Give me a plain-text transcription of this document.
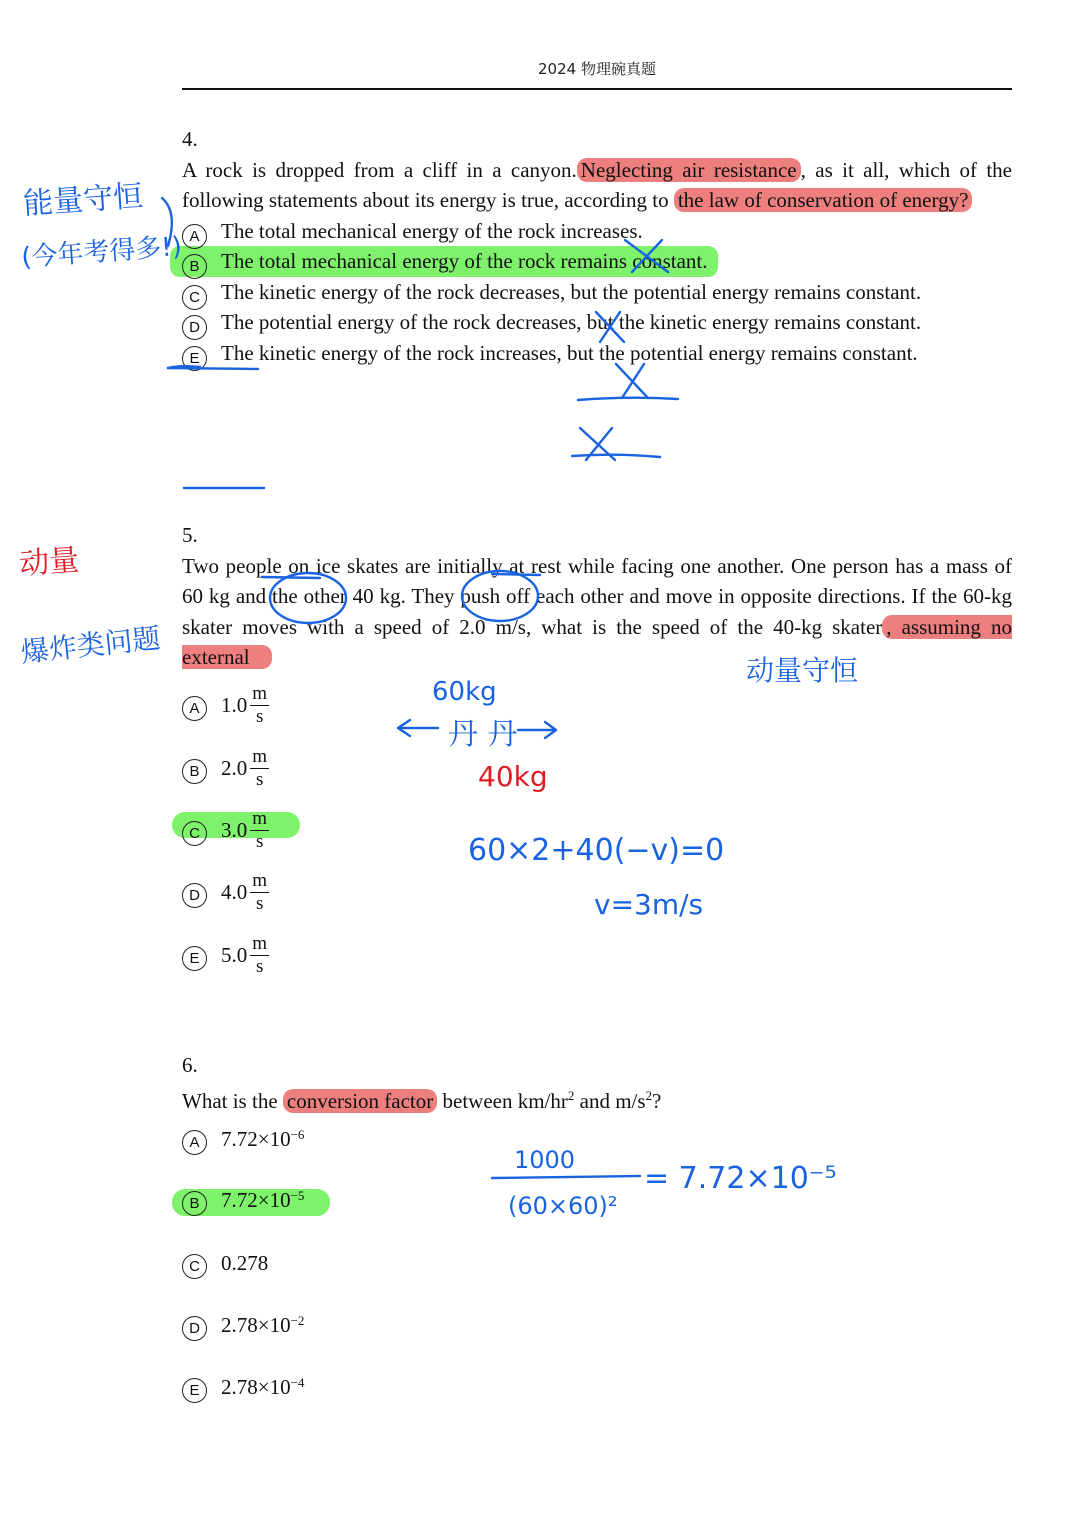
2024 物理碗真题
4.

A rock is dropped from a cliff in a canyon. Neglecting air resistance , as it all, which of the following statements about its energy is true, according to the law of conservation of energy?

A	The total mechanical energy of the rock increases.
B	The total mechanical energy of the rock remains constant.
C	The kinetic energy of the rock decreases, but the potential energy remains constant.
D	The potential energy of the rock decreases, but the kinetic energy remains constant.
E	The kinetic energy of the rock increases, but the potential energy remains constant.
5.

Two people on ice skates are initially at rest while facing one another. One person has a mass of 60 kg and the other 40 kg. They push off each other and move in opposite directions. If the 60-kg skater moves with a speed of 2.0 m/s, what is the speed of the 40-kg skater , assuming no external

A	$1.0 \frac{m}{s}$
B	$2.0 \frac{m}{s}$
C	$3.0 \frac{m}{s}$
D	$4.0 \frac{m}{s}$
E	$5.0 \frac{m}{s}$
6.

What is the conversion factor between $km/hr^2$ and $m/s^2$?

A	$7.72\times 10^{-6}$
B	$7.72\times 10^{-5}$
C	0.278
D	$2.78\times 10^{-2}$
E	$2.78\times 10^{-4}$
能量守恒
(今年考得多!)
爆炸类问题
动量守恒
60kg
丹 丹
60×2+40(−v)=0
v=3m/s
1000
(60×60)²
= 7.72×10⁻⁵
动量
40kg
